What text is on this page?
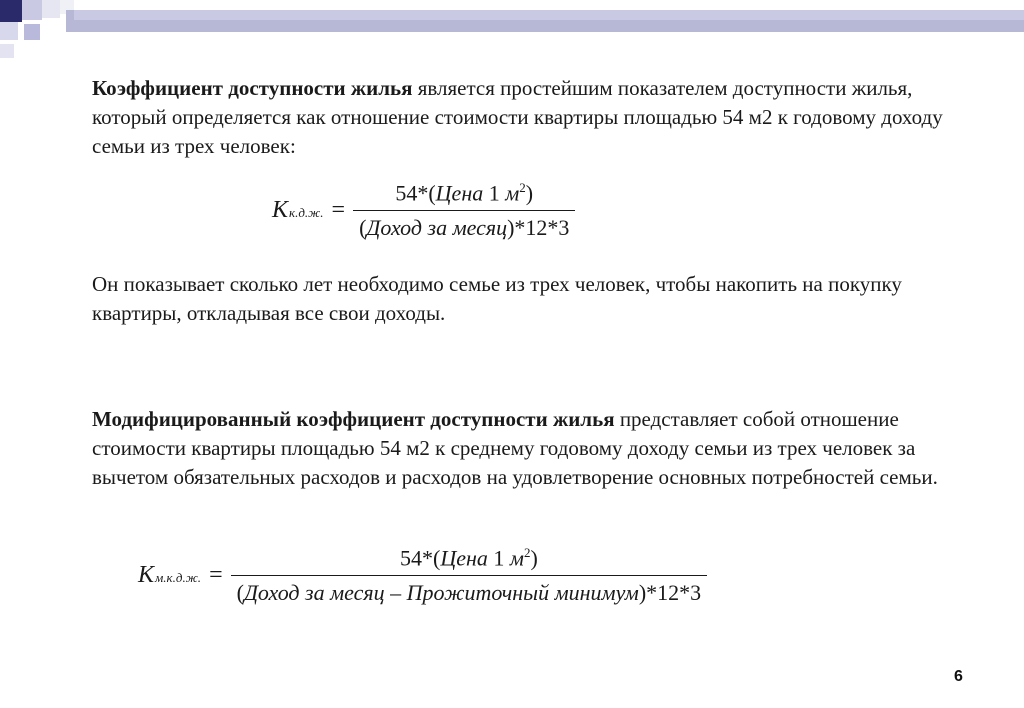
Коэффициент доступности жилья является простейшим показателем доступности жилья, который определяется как отношение стоимости квартиры площадью 54 м2 к годовому доходу семьи из трех человек:
K к.д.ж. = $\frac{54*(Цена 1 м^2)}{\text{(Доход за месяц)*12*3}}$
Он показывает сколько лет необходимо семье из трех человек, чтобы накопить на покупку квартиры, откладывая все свои доходы.
Модифицированный коэффициент доступности жилья представляет собой отношение стоимости квартиры площадью 54 м2 к среднему годовому доходу семьи из трех человек за вычетом обязательных расходов и расходов на удовлетворение основных потребностей семьи.
K м.к.д.ж. = $\frac{54*(Цена 1 м^2)}{\text{(Доход за месяц – Прожиточный минимум)*12*3}}$
6
